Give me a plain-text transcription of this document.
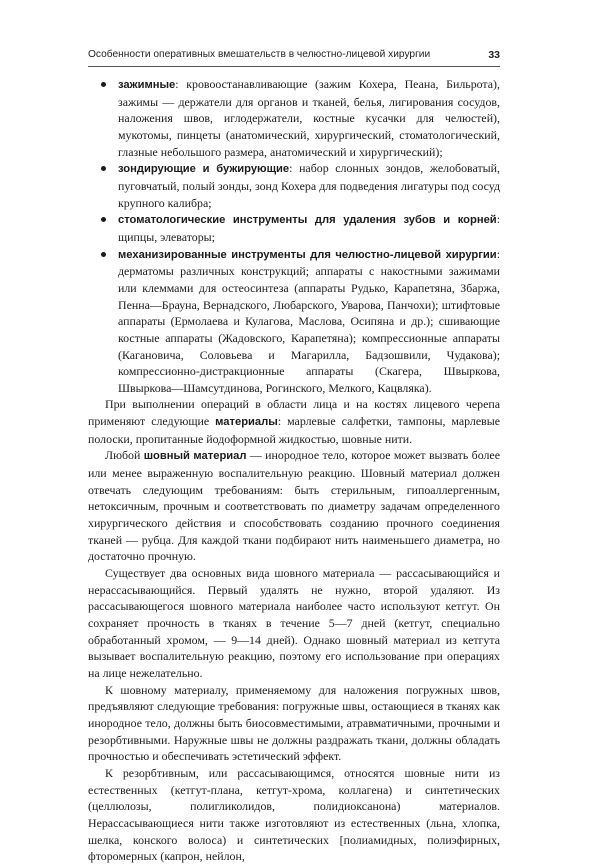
Особенности оперативных вмешательств в челюстно-лицевой хирургии	33
зажимные: кровоостанавливающие (зажим Кохера, Пеана, Бильрота), зажимы — держатели для органов и тканей, белья, лигирования сосудов, наложения швов, иглодержатели, костные кусачки для челюстей), мукотомы, пинцеты (анатомический, хирургический, стоматологический, глазные небольшого размера, анатомический и хирургический);
зондирующие и бужирующие: набор слонных зондов, желобоватый, пуговчатый, полый зонды, зонд Кохера для подведения лигатуры под сосуд крупного калибра;
стоматологические инструменты для удаления зубов и корней: щипцы, элеваторы;
механизированные инструменты для челюстно-лицевой хирургии: дерматомы различных конструкций; аппараты с накостными зажимами или клеммами для остеосинтеза (аппараты Рудько, Карапетяна, Збаржа, Пенна—Брауна, Вернадского, Любарского, Уварова, Панчохи); штифтовые аппараты (Ермолаева и Кулагова, Маслова, Осипяна и др.); сшивающие костные аппараты (Жадовского, Карапетяна); компрессионные аппараты (Кагановича, Соловьева и Магарилла, Бадзошвили, Чудакова); компрессионно-дистракционные аппараты (Скагера, Швыркова, Швыркова—Шамсутдинова, Рогинского, Мелкого, Кацвляка).

При выполнении операций в области лица и на костях лицевого черепа применяют следующие материалы: марлевые салфетки, тампоны, марлевые полоски, пропитанные йодоформной жидкостью, шовные нити.

Любой шовный материал — инородное тело, которое может вызвать более или менее выраженную воспалительную реакцию. Шовный материал должен отвечать следующим требованиям: быть стерильным, гипоаллергенным, нетоксичным, прочным и соответствовать по диаметру задачам определенного хирургического действия и способствовать созданию прочного соединения тканей — рубца. Для каждой ткани подбирают нить наименьшего диаметра, но достаточно прочную.

Существует два основных вида шовного материала — рассасывающийся и нерассасывающийся. Первый удалять не нужно, второй удаляют. Из рассасывающегося шовного материала наиболее часто используют кетгут. Он сохраняет прочность в тканях в течение 5—7 дней (кетгут, специально обработанный хромом, — 9—14 дней). Однако шовный материал из кетгута вызывает воспалительную реакцию, поэтому его использование при операциях на лице нежелательно.

К шовному материалу, применяемому для наложения погружных швов, предъявляют следующие требования: погружные швы, остающиеся в тканях как инородное тело, должны быть биосовместимыми, атравматичными, прочными и резорбтивными. Наружные швы не должны раздражать ткани, должны обладать прочностью и обеспечивать эстетический эффект.

К резорбтивным, или рассасывающимся, относятся шовные нити из естественных (кетгут-плана, кетгут-хрома, коллагена) и синтетических (целлюлозы, полигликолидов, полидиоксанона) материалов. Нерассасывающиеся нити также изготовляют из естественных (льна, хлопка, шелка, конского волоса) и синтетических [полиамидных, полиэфирных, фторомерных (капрон, нейлон,
